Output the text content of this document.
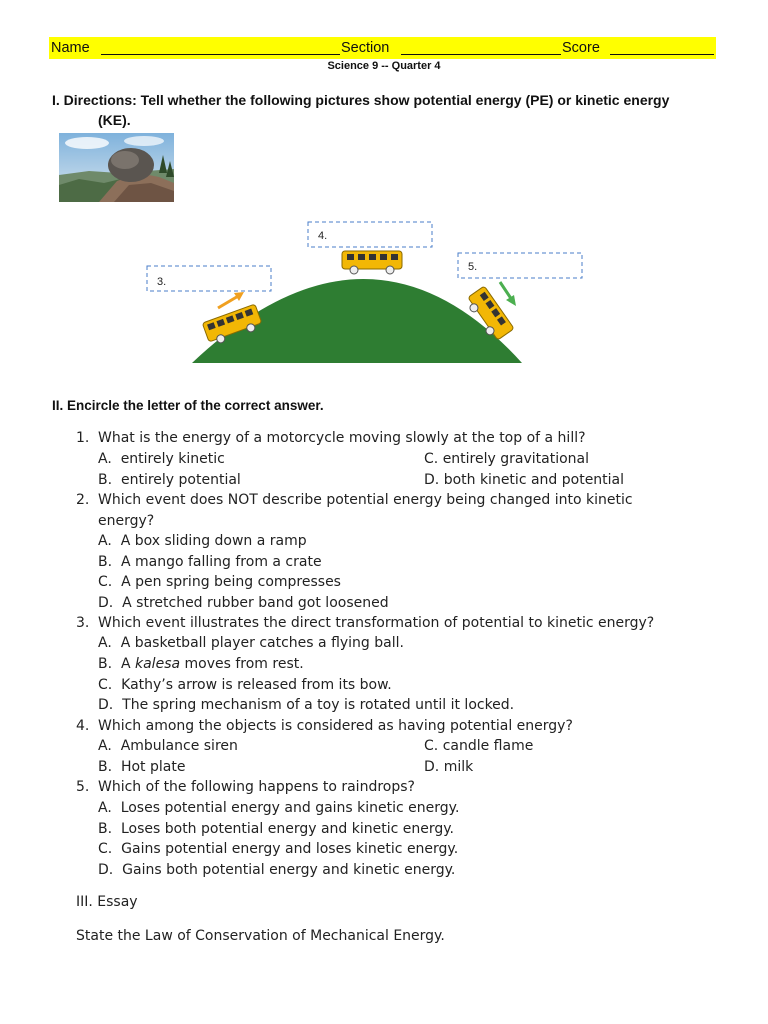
Name	Section	Score
Science 9 -- Quarter 4
I. Directions: Tell whether the following pictures show potential energy (PE) or kinetic energy
(KE).
3.
4.
5.
II. Encircle the letter of the correct answer.
1. What is the energy of a motorcycle moving slowly at the top of a hill?
A. entirely kinetic
B. entirely potential
C. entirely gravitational
D. both kinetic and potential
2. Which event does NOT describe potential energy being changed into kinetic
energy?
A. A box sliding down a ramp
B. A mango falling from a crate
C. A pen spring being compresses
D. A stretched rubber band got loosened
3. Which event illustrates the direct transformation of potential to kinetic energy?
A. A basketball player catches a flying ball.
B. A kalesa moves from rest.
C. Kathy’s arrow is released from its bow.
D. The spring mechanism of a toy is rotated until it locked.
4. Which among the objects is considered as having potential energy?
A. Ambulance siren
B. Hot plate
C. candle flame
D. milk
5. Which of the following happens to raindrops?
A. Loses potential energy and gains kinetic energy.
B. Loses both potential energy and kinetic energy.
C. Gains potential energy and loses kinetic energy.
D. Gains both potential energy and kinetic energy.
III. Essay
State the Law of Conservation of Mechanical Energy.
